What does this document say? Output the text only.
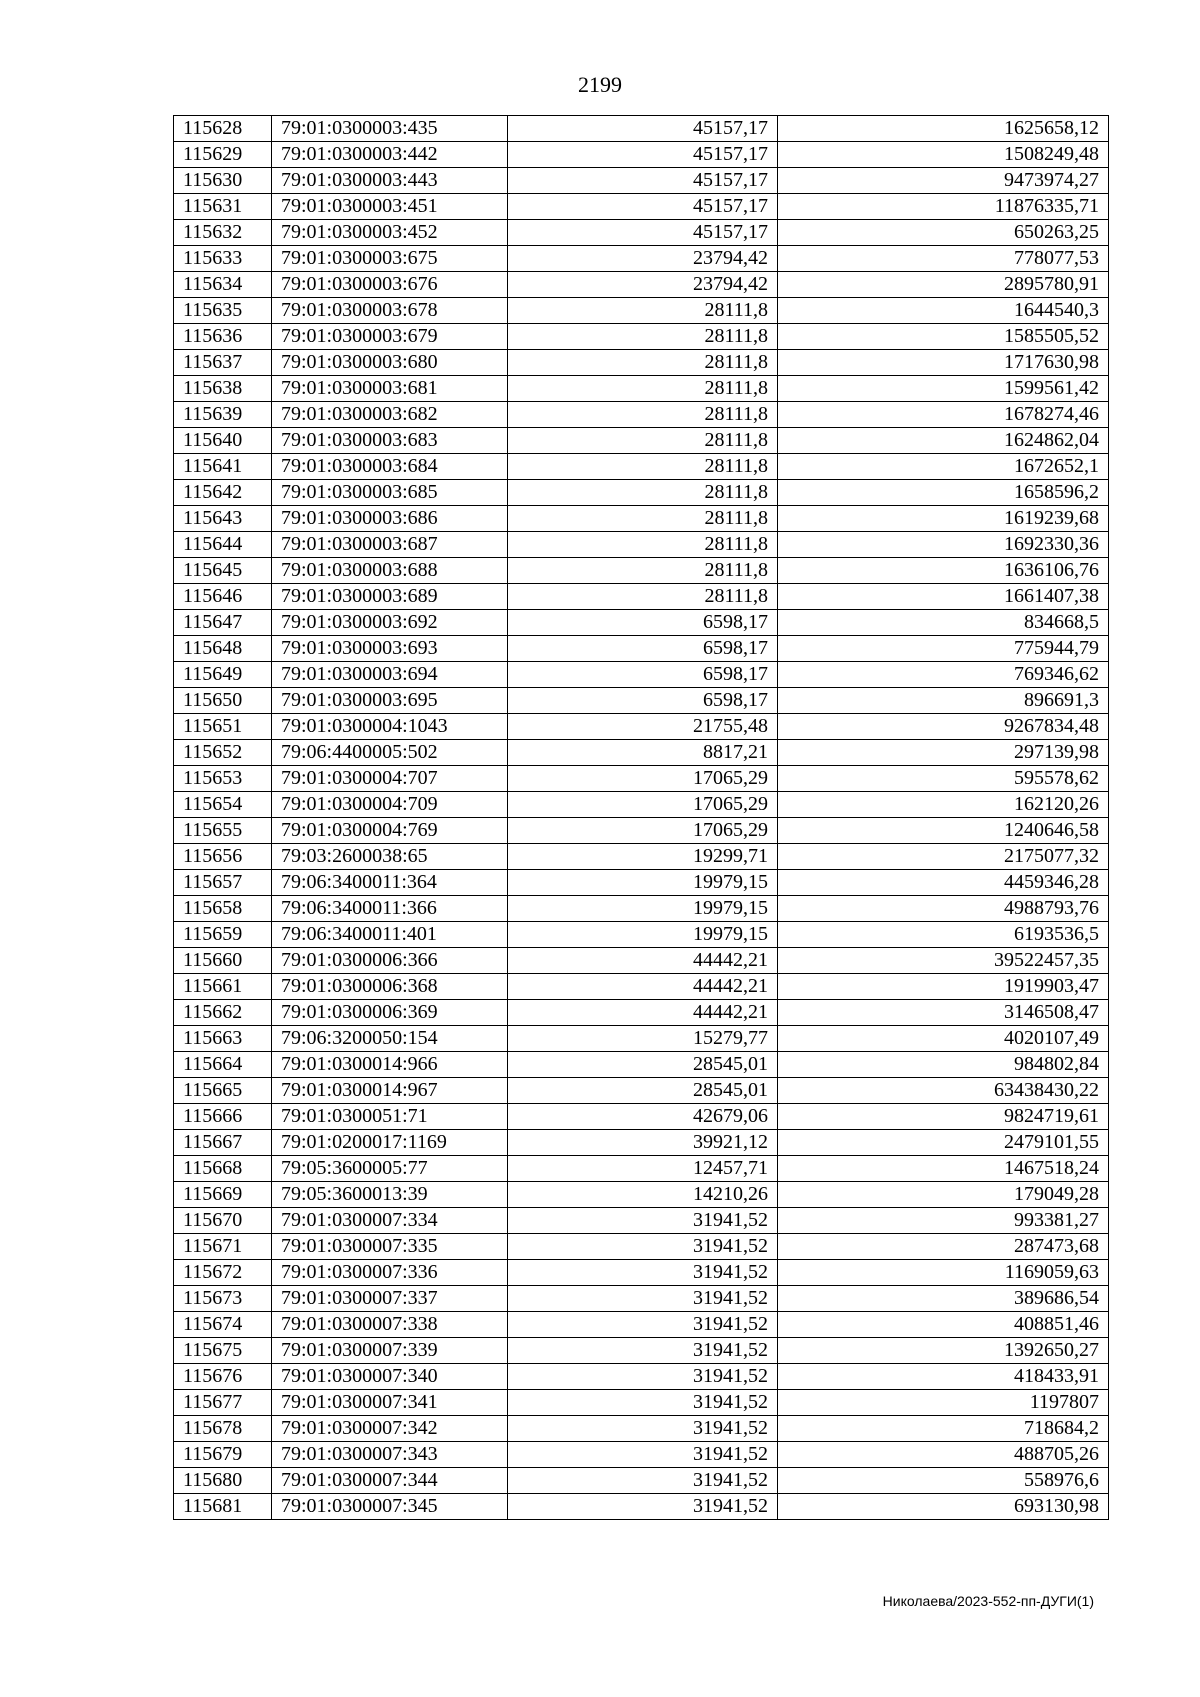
2199
115628	79:01:0300003:435	45157,17	1625658,12
115629	79:01:0300003:442	45157,17	1508249,48
115630	79:01:0300003:443	45157,17	9473974,27
115631	79:01:0300003:451	45157,17	11876335,71
115632	79:01:0300003:452	45157,17	650263,25
115633	79:01:0300003:675	23794,42	778077,53
115634	79:01:0300003:676	23794,42	2895780,91
115635	79:01:0300003:678	28111,8	1644540,3
115636	79:01:0300003:679	28111,8	1585505,52
115637	79:01:0300003:680	28111,8	1717630,98
115638	79:01:0300003:681	28111,8	1599561,42
115639	79:01:0300003:682	28111,8	1678274,46
115640	79:01:0300003:683	28111,8	1624862,04
115641	79:01:0300003:684	28111,8	1672652,1
115642	79:01:0300003:685	28111,8	1658596,2
115643	79:01:0300003:686	28111,8	1619239,68
115644	79:01:0300003:687	28111,8	1692330,36
115645	79:01:0300003:688	28111,8	1636106,76
115646	79:01:0300003:689	28111,8	1661407,38
115647	79:01:0300003:692	6598,17	834668,5
115648	79:01:0300003:693	6598,17	775944,79
115649	79:01:0300003:694	6598,17	769346,62
115650	79:01:0300003:695	6598,17	896691,3
115651	79:01:0300004:1043	21755,48	9267834,48
115652	79:06:4400005:502	8817,21	297139,98
115653	79:01:0300004:707	17065,29	595578,62
115654	79:01:0300004:709	17065,29	162120,26
115655	79:01:0300004:769	17065,29	1240646,58
115656	79:03:2600038:65	19299,71	2175077,32
115657	79:06:3400011:364	19979,15	4459346,28
115658	79:06:3400011:366	19979,15	4988793,76
115659	79:06:3400011:401	19979,15	6193536,5
115660	79:01:0300006:366	44442,21	39522457,35
115661	79:01:0300006:368	44442,21	1919903,47
115662	79:01:0300006:369	44442,21	3146508,47
115663	79:06:3200050:154	15279,77	4020107,49
115664	79:01:0300014:966	28545,01	984802,84
115665	79:01:0300014:967	28545,01	63438430,22
115666	79:01:0300051:71	42679,06	9824719,61
115667	79:01:0200017:1169	39921,12	2479101,55
115668	79:05:3600005:77	12457,71	1467518,24
115669	79:05:3600013:39	14210,26	179049,28
115670	79:01:0300007:334	31941,52	993381,27
115671	79:01:0300007:335	31941,52	287473,68
115672	79:01:0300007:336	31941,52	1169059,63
115673	79:01:0300007:337	31941,52	389686,54
115674	79:01:0300007:338	31941,52	408851,46
115675	79:01:0300007:339	31941,52	1392650,27
115676	79:01:0300007:340	31941,52	418433,91
115677	79:01:0300007:341	31941,52	1197807
115678	79:01:0300007:342	31941,52	718684,2
115679	79:01:0300007:343	31941,52	488705,26
115680	79:01:0300007:344	31941,52	558976,6
115681	79:01:0300007:345	31941,52	693130,98
Николаева/2023-552-пп-ДУГИ(1)
